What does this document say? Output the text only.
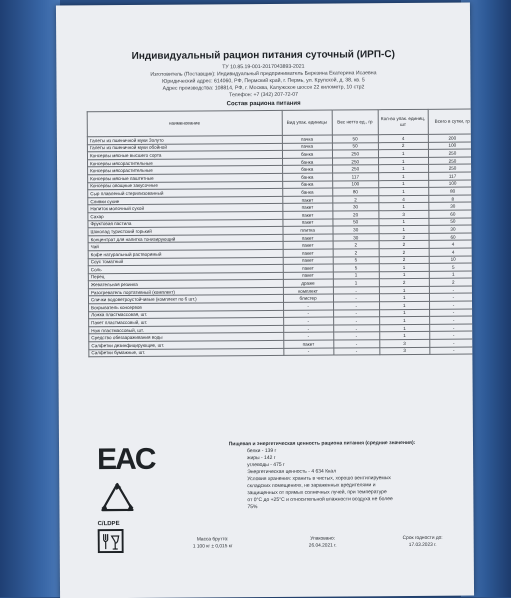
Индивидуальный рацион питания суточный (ИРП-С)
ТУ 10.85.19-001-2017043893-2021
Изготовитель (Поставщик): Индивидуальный предприниматель Березина Екатерина Исаевна
Юридический адрес: 614060, РФ, Пермский край, г. Пермь, ул. Крупской, д. 38, кв. 5
Адрес производства: 108814, РФ, г. Москва, Калужское шоссе 22 километр, 10 стр2
Телефон: +7 (342) 207-72-07
Состав рациона питания
наименование	Вид упак. единицы	Вес нетто ед., гр	Кол-во упак. единиц, шт	Всего в сутки, гр
Галеты из пшеничной муки Золуто	пачка	50	4	200
Галеты из пшеничной муки обойной	пачка	50	2	100
Консервы мясные высшего сорта	банка	250	1	250
Консервы мясорастительные	банка	250	1	250
Консервы мясорастительные	банка	250	1	250
Консервы мясные паштетные	банка	117	1	117
Консервы овощные закусочные	банка	100	1	100
Сыр плавленый стерилизованный	банка	80	1	80
Сливки сухие	пакет	2	4	8
Напиток молочный сухой	пакет	30	1	30
Сахар	пакет	20	3	60
Фруктовая пастила	пакет	50	1	50
Шоколад туристский горький	плитка	30	1	30
Концентрат для напитка тонизирующий	пакет	30	2	60
Чай	пакет	2	2	4
Кофе натуральный растворимый	пакет	2	2	4
Соус томатный	пакет	5	2	10
Соль	пакет	5	1	5
Перец	пакет	1	1	1
Жевательная резинка	драже	1	2	2
Разогреватель портативный (комплект)	комплект	-	1	-
Спички водоветроустойчивые (комплект по 6 шт.)	блистер	-	1	-
Вскрыватель консервов	-	-	1	-
Ложка пластмассовая, шт.	-	-	1	-
Пакет пластмассовый, шт.	-	-	1	-
Нож пластмассовый, шт.	-	-	1	-
Средство обеззараживания воды	-	-	1	-
Салфетки дезинфицирующие, шт.	пакет	-	3	-
Салфетки бумажные, шт.	-	-	3	-
EAC
C/LDPE
Пищевая и энергетическая ценность рациона питания (средние значения):
белки - 139 г
жиры - 142 г
углеводы - 475 г
Энергетическая ценность - 4 634 Ккал
Условия хранения: хранить в чистых, хорошо вентилируемых
складских помещениях, не зараженных вредителями и
защищенных от прямых солнечных лучей, при температуре
от 0°С до +25°С и относительной влажности воздуха не более
75%
Масса брутто:
1 100 кг ± 0,015 кг
Упаковано:
26.04.2021 г.
Срок годности до:
17.03.2023 г.
